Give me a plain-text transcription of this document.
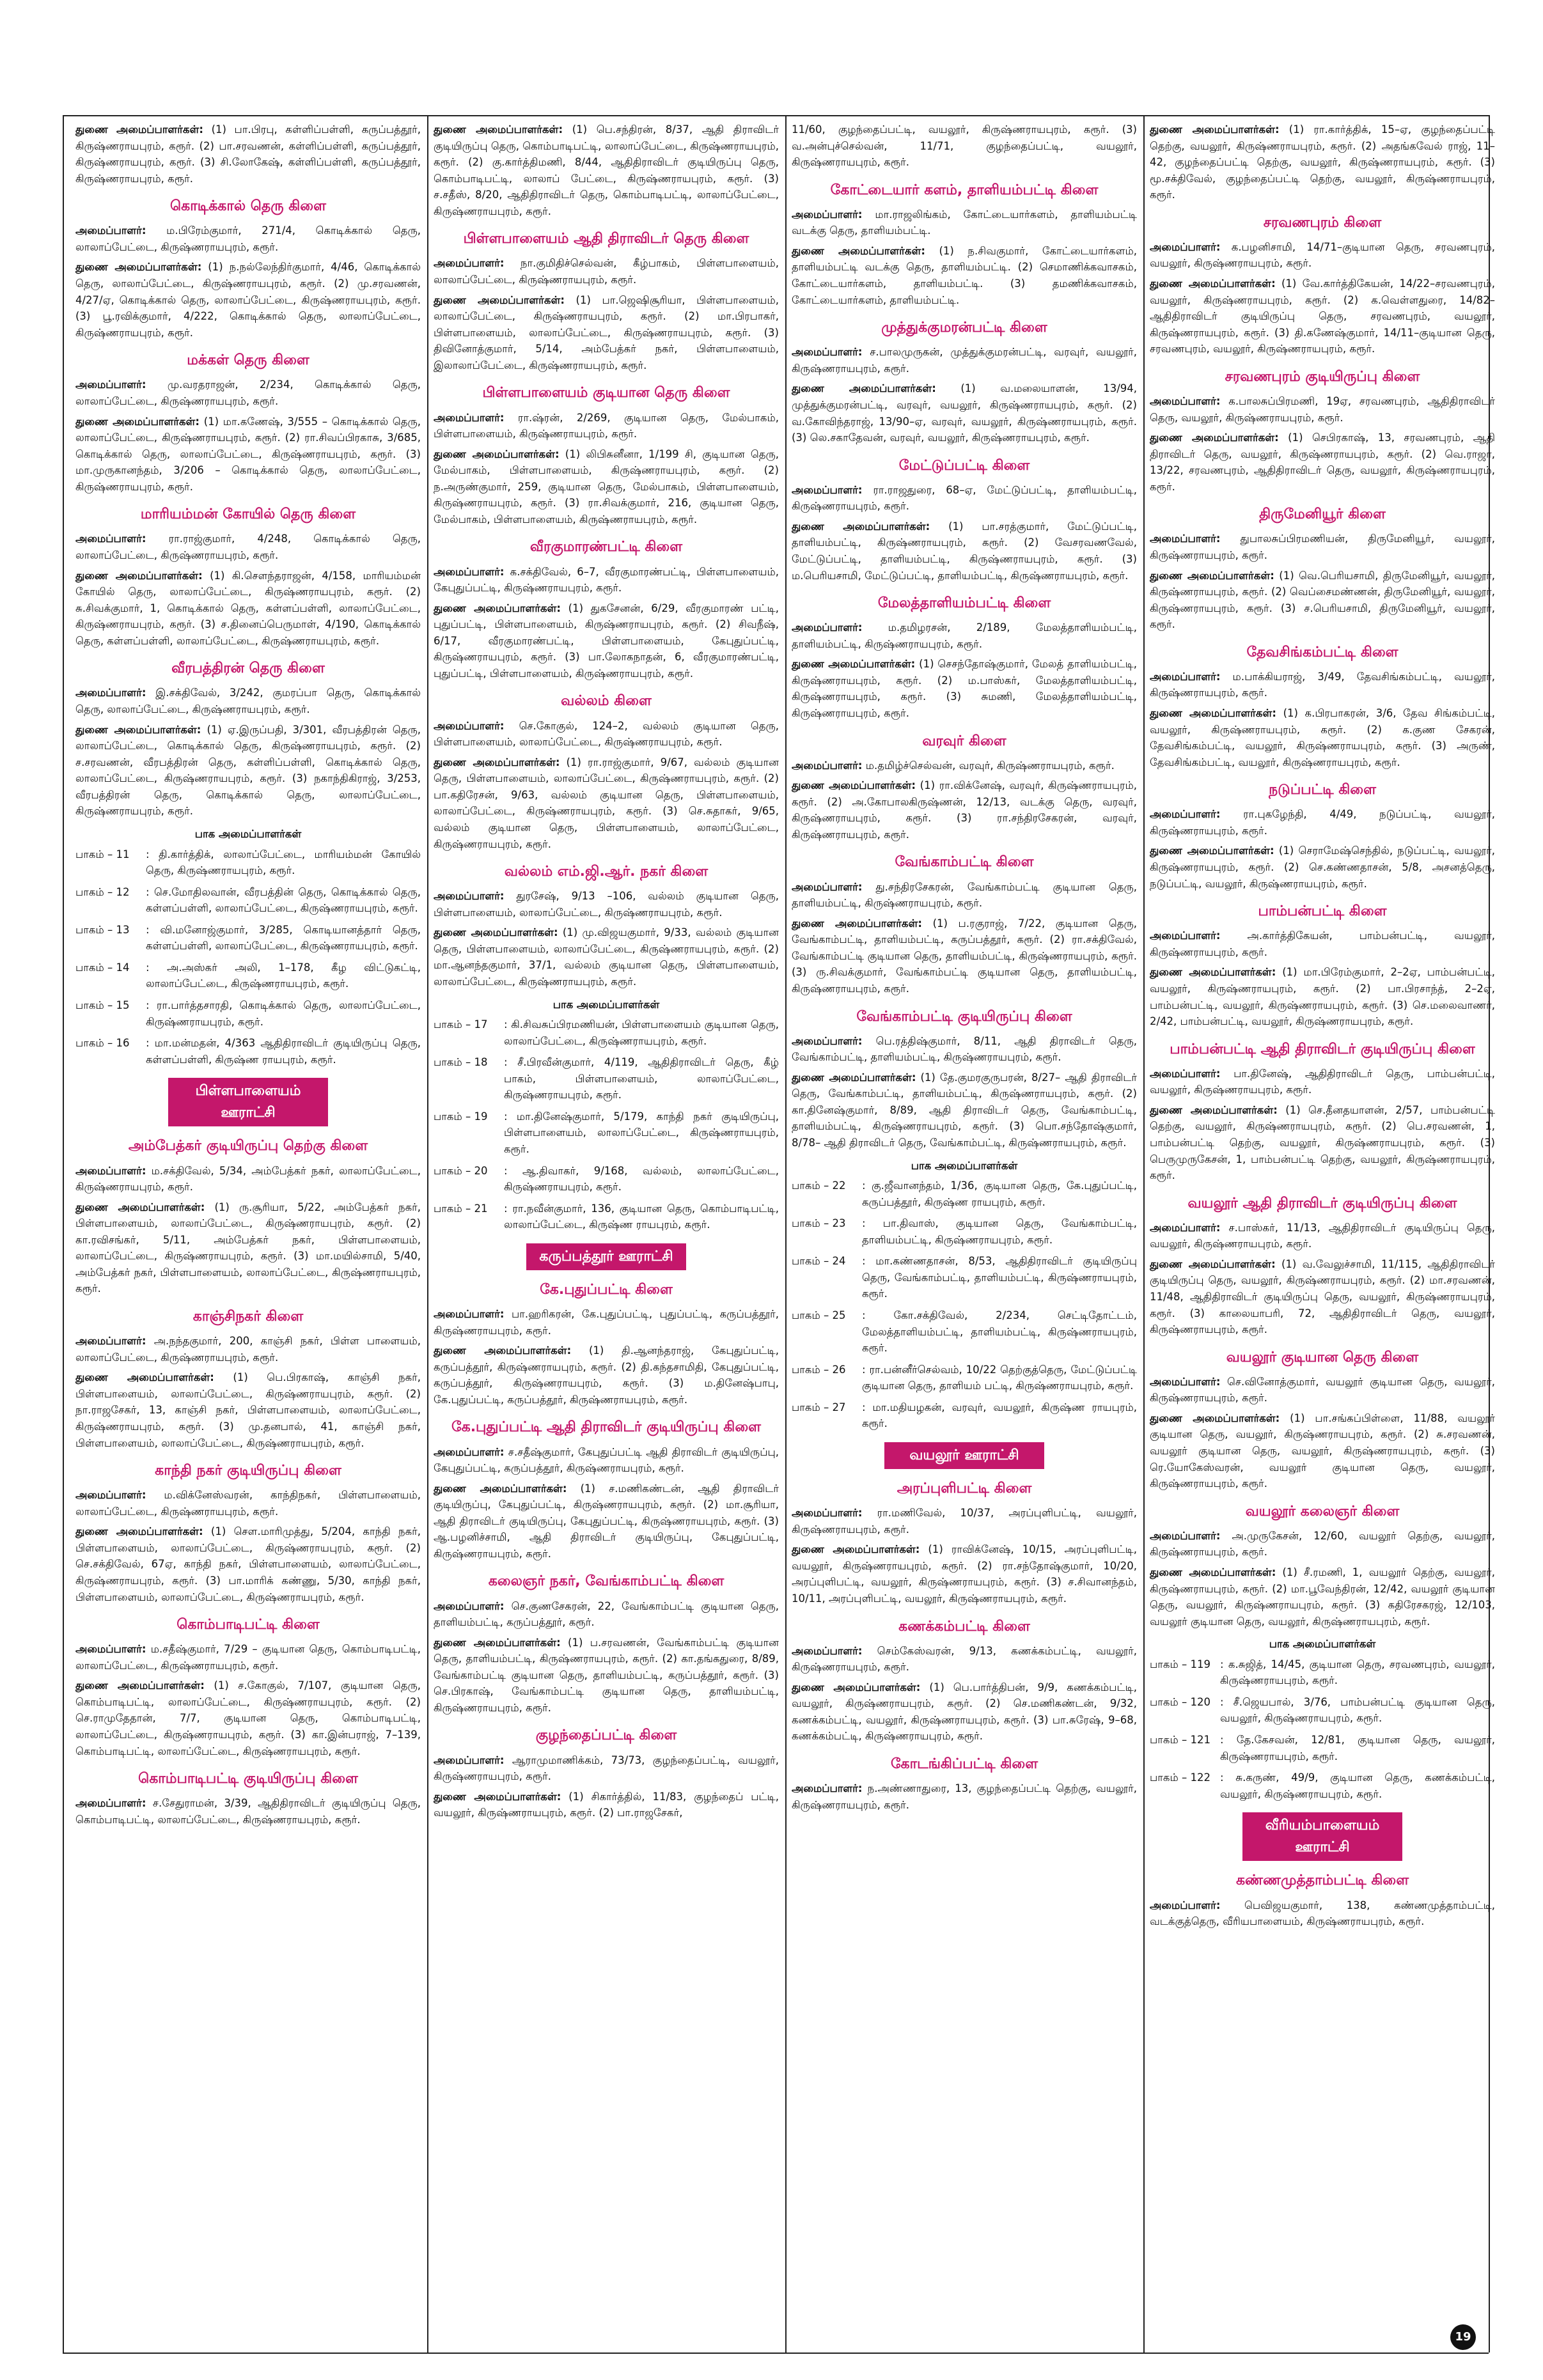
துணை அமைப்பாளர்கள்: (1) பா.பிரபு, கள்ளிப்பள்ளி, கருப்பத்தூர், கிருஷ்ணராயபுரம், கரூர். (2) பா.சரவணன், கள்ளிப்பள்ளி, கருப்பத்தூர், கிருஷ்ணராயபுரம், கரூர். (3) சி.லோகேஷ், கள்ளிப்பள்ளி, கருப்பத்தூர், கிருஷ்ணராயபுரம், கரூர்.

கொடிக்கால் தெரு கிளை

அமைப்பாளர்: ம.பிரேம்குமார், 271/4, கொடிக்கால் தெரு, லாலாப்பேட்டை, கிருஷ்ணராயபுரம், கரூர்.

துணை அமைப்பாளர்கள்: (1) ந.நல்லேந்திர்குமார், 4/46, கொடிக்கால் தெரு, லாலாப்பேட்டை, கிருஷ்ணராயபுரம், கரூர். (2) மு.சரவணன், 4/27/ஏ, கொடிக்கால் தெரு, லாலாப்பேட்டை, கிருஷ்ணராயபுரம், கரூர். (3) பூ.ரவிக்குமார், 4/222, கொடிக்கால் தெரு, லாலாப்பேட்டை, கிருஷ்ணராயபுரம், கரூர்.

மக்கள் தெரு கிளை

அமைப்பாளர்: மு.வரதராஜன், 2/234, கொடிக்கால் தெரு, லாலாப்பேட்டை, கிருஷ்ணராயபுரம், கரூர்.

துணை அமைப்பாளர்கள்: (1) மா.கணேஷ், 3/555 – கொடிக்கால் தெரு, லாலாப்பேட்டை, கிருஷ்ணராயபுரம், கரூர். (2) ரா.சிவப்பிரகாசு, 3/685, கொடிக்கால் தெரு, லாலாப்பேட்டை, கிருஷ்ணராயபுரம், கரூர். (3) மா.முருகானந்தம், 3/206 – கொடிக்கால் தெரு, லாலாப்பேட்டை, கிருஷ்ணராயபுரம், கரூர்.

மாரியம்மன் கோயில் தெரு கிளை

அமைப்பாளர்: ரா.ராஜ்குமார், 4/248, கொடிக்கால் தெரு, லாலாப்பேட்டை, கிருஷ்ணராயபுரம், கரூர்.

துணை அமைப்பாளர்கள்: (1) கி.சௌந்தராஜன், 4/158, மாரியம்மன் கோயில் தெரு, லாலாப்பேட்டை, கிருஷ்ணராயபுரம், கரூர். (2) சு.சிவக்குமார், 1, கொடிக்கால் தெரு, கள்ளப்பள்ளி, லாலாப்பேட்டை, கிருஷ்ணராயபுரம், கரூர். (3) ச.தினைப்பெருமாள், 4/190, கொடிக்கால் தெரு, கள்ளப்பள்ளி, லாலாப்பேட்டை, கிருஷ்ணராயபுரம், கரூர்.

வீரபத்திரன் தெரு கிளை

அமைப்பாளர்: இ.சக்திவேல், 3/242, குமரப்பா தெரு, கொடிக்கால் தெரு, லாலாப்பேட்டை, கிருஷ்ணராயபுரம், கரூர்.

துணை அமைப்பாளர்கள்: (1) ஏ.இருப்பதி, 3/301, வீரபத்திரன் தெரு, லாலாப்பேட்டை, கொடிக்கால் தெரு, கிருஷ்ணராயபுரம், கரூர். (2) ச.சரவணன், வீரபத்திரன் தெரு, கள்ளிப்பள்ளி, கொடிக்கால் தெரு, லாலாப்பேட்டை, கிருஷ்ணராயபுரம், கரூர். (3) நகாந்திகிராஜ், 3/253, வீரபத்திரன் தெரு, கொடிக்கால் தெரு, லாலாப்பேட்டை, கிருஷ்ணராயபுரம், கரூர்.

பாக அமைப்பாளர்கள்
பாகம் – 11	: தி.கார்த்திக், லாலாப்பேட்டை, மாரியம்மன் கோயில் தெரு, கிருஷ்ணராயபுரம், கரூர்.
பாகம் – 12	: செ.மோதிலவான், வீரபத்தின் தெரு, கொடிக்கால் தெரு, கள்ளப்பள்ளி, லாலாப்பேட்டை, கிருஷ்ணராயபுரம், கரூர்.
பாகம் – 13	: வி.மனோஜ்குமார், 3/285, கொடியானத்தார் தெரு, கள்ளப்பள்ளி, லாலாப்பேட்டை, கிருஷ்ணராயபுரம், கரூர்.
பாகம் – 14	: அ.அஸ்கர் அலி, 1–178, கீழ விட்டுகட்டி, லாலாப்பேட்டை, கிருஷ்ணராயபுரம், கரூர்.
பாகம் – 15	: ரா.பார்த்தசாரதி, கொடிக்கால் தெரு, லாலாப்பேட்டை, கிருஷ்ணராயபுரம், கரூர்.
பாகம் – 16	: மா.மன்மதன், 4/363 ஆதிதிராவிடர் குடியிருப்பு தெரு, கள்ளப்பள்ளி, கிருஷ்ண ராயபுரம், கரூர்.
பிள்ளபாளையம் ஊராட்சி
அம்பேத்கர் குடியிருப்பு தெற்கு கிளை

அமைப்பாளர்: ம.சக்திவேல், 5/34, அம்பேத்கர் நகர், லாலாப்பேட்டை, கிருஷ்ணராயபுரம், கரூர்.

துணை அமைப்பாளர்கள்: (1) ரு.சூரியா, 5/22, அம்பேத்கர் நகர், பிள்ளபாளையம், லாலாப்பேட்டை, கிருஷ்ணராயபுரம், கரூர். (2) கா.ரவிசங்கர், 5/11, அம்பேத்கர் நகர், பிள்ளபாளையம், லாலாப்பேட்டை, கிருஷ்ணராயபுரம், கரூர். (3) மா.மயில்சாமி, 5/40, அம்பேத்கர் நகர், பிள்ளபாளையம், லாலாப்பேட்டை, கிருஷ்ணராயபுரம், கரூர்.

காஞ்சிநகர் கிளை

அமைப்பாளர்: அ.நந்தகுமார், 200, காஞ்சி நகர், பிள்ள பாளையம், லாலாப்பேட்டை, கிருஷ்ணராயபுரம், கரூர்.

துணை அமைப்பாளர்கள்: (1) பெ.பிரகாஷ், காஞ்சி நகர், பிள்ளபாளையம், லாலாப்பேட்டை, கிருஷ்ணராயபுரம், கரூர். (2) நா.ராஜசேகர், 13, காஞ்சி நகர், பிள்ளபாளையம், லாலாப்பேட்டை, கிருஷ்ணராயபுரம், கரூர். (3) மு.தனபால், 41, காஞ்சி நகர், பிள்ளபாளையம், லாலாப்பேட்டை, கிருஷ்ணராயபுரம், கரூர்.

காந்தி நகர் குடியிருப்பு கிளை

அமைப்பாளர்: ம.விக்னேஸ்வரன், காந்திநகர், பிள்ளபாளையம், லாலாப்பேட்டை, கிருஷ்ணராயபுரம், கரூர்.

துணை அமைப்பாளர்கள்: (1) சௌ.மாரிமுத்து, 5/204, காந்தி நகர், பிள்ளபாளையம், லாலாப்பேட்டை, கிருஷ்ணராயபுரம், கரூர். (2) செ.சக்திவேல், 67ஏ, காந்தி நகர், பிள்ளபாளையம், லாலாப்பேட்டை, கிருஷ்ணராயபுரம், கரூர். (3) பா.மாரிக் கண்ணு, 5/30, காந்தி நகர், பிள்ளபாளையம், லாலாப்பேட்டை, கிருஷ்ணராயபுரம், கரூர்.

கொம்பாடிபட்டி கிளை

அமைப்பாளர்: ம.சதீஷ்குமார், 7/29 – குடியான தெரு, கொம்பாடிபட்டி, லாலாப்பேட்டை, கிருஷ்ணராயபுரம், கரூர்.

துணை அமைப்பாளர்கள்: (1) ச.கோகுல், 7/107, குடியான தெரு, கொம்பாடிபட்டி, லாலாப்பேட்டை, கிருஷ்ணராயபுரம், கரூர். (2) செ.ராமுதேதான், 7/7, குடியான தெரு, கொம்பாடிபட்டி, லாலாப்பேட்டை, கிருஷ்ணராயபுரம், கரூர். (3) கா.இன்பராஜ், 7–139, கொம்பாடிபட்டி, லாலாப்பேட்டை, கிருஷ்ணராயபுரம், கரூர்.

கொம்பாடிபட்டி குடியிருப்பு கிளை

அமைப்பாளர்: ச.சேதுராமன், 3/39, ஆதிதிராவிடர் குடியிருப்பு தெரு, கொம்பாடிபட்டி, லாலாப்பேட்டை, கிருஷ்ணராயபுரம், கரூர்.

துணை அமைப்பாளர்கள்: (1) பெ.சந்திரன், 8/37, ஆதி திராவிடர் குடியிருப்பு தெரு, கொம்பாடிபட்டி, லாலாப்பேட்டை, கிருஷ்ணராயபுரம், கரூர். (2) கு.கார்த்திமணி, 8/44, ஆதிதிராவிடர் குடியிருப்பு தெரு, கொம்பாடிபட்டி, லாலாப் பேட்டை, கிருஷ்ணராயபுரம், கரூர். (3) ச.சதீஸ், 8/20, ஆதிதிராவிடர் தெரு, கொம்பாடிபட்டி, லாலாப்பேட்டை, கிருஷ்ணராயபுரம், கரூர்.

பிள்ளபாளையம் ஆதி திராவிடர் தெரு கிளை

அமைப்பாளர்: நா.குமிதிச்செல்வன், கீழ்பாகம், பிள்ளபாளையம், லாலாப்பேட்டை, கிருஷ்ணராயபுரம், கரூர்.

துணை அமைப்பாளர்கள்: (1) பா.ஜெஷிசூரியா, பிள்ளபாளையம், லாலாப்பேட்டை, கிருஷ்ணராயபுரம், கரூர். (2) மா.பிரபாகர், பிள்ளபாளையம், லாலாப்பேட்டை, கிருஷ்ணராயபுரம், கரூர். (3) திவினோத்குமார், 5/14, அம்பேத்கர் நகர், பிள்ளபாளையம், இலாலாப்பேட்டை, கிருஷ்ணராயபுரம், கரூர்.

பிள்ளபாளையம் குடியான தெரு கிளை

அமைப்பாளர்: ரா.ஷ்ரன், 2/269, குடியான தெரு, மேல்பாகம், பிள்ளபாளையம், கிருஷ்ணராயபுரம், கரூர்.

துணை அமைப்பாளர்கள்: (1) லிபிசுனீனா, 1/199 சி, குடியான தெரு, மேல்பாகம், பிள்ளபாளையம், கிருஷ்ணராயபுரம், கரூர். (2) ந.அருண்குமார், 259, குடியான தெரு, மேல்பாகம், பிள்ளபாளையம், கிருஷ்ணராயபுரம், கரூர். (3) ரா.சிவக்குமார், 216, குடியான தெரு, மேல்பாகம், பிள்ளபாளையம், கிருஷ்ணராயபுரம், கரூர்.

வீரகுமாரண்பட்டி கிளை

அமைப்பாளர்: க.சக்திவேல், 6–7, வீரகுமாரண்பட்டி, பிள்ளபாளையம், கேபுதுப்பட்டி, கிருஷ்ணராயபுரம், கரூர்.

துணை அமைப்பாளர்கள்: (1) துகசேனன், 6/29, வீரகுமாரண் பட்டி, புதுப்பட்டி, பிள்ளபாளையம், கிருஷ்ணராயபுரம், கரூர். (2) சிவநீஷ், 6/17, வீரகுமாரண்பட்டி, பிள்ளபாளையம், கேபுதுப்பட்டி, கிருஷ்ணராயபுரம், கரூர். (3) பா.லோகநாதன், 6, வீரகுமாரண்பட்டி, புதுப்பட்டி, பிள்ளபாளையம், கிருஷ்ணராயபுரம், கரூர்.

வல்லம் கிளை

அமைப்பாளர்: செ.கோகுல், 124–2, வல்லம் குடியான தெரு, பிள்ளபாளையம், லாலாப்பேட்டை, கிருஷ்ணராயபுரம், கரூர்.

துணை அமைப்பாளர்கள்: (1) ரா.ராஜ்குமார், 9/67, வல்லம் குடியான தெரு, பிள்ளபாளையம், லாலாப்பேட்டை, கிருஷ்ணராயபுரம், கரூர். (2) பா.கதிரேசன், 9/63, வல்லம் குடியான தெரு, பிள்ளபாளையம், லாலாப்பேட்டை, கிருஷ்ணராயபுரம், கரூர். (3) செ.சுதாகர், 9/65, வல்லம் குடியான தெரு, பிள்ளபாளையம், லாலாப்பேட்டை, கிருஷ்ணராயபுரம், கரூர்.

வல்லம் எம்.ஜி.ஆர். நகர் கிளை

அமைப்பாளர்: துரசேஷ், 9/13 –106, வல்லம் குடியான தெரு, பிள்ளபாளையம், லாலாப்பேட்டை, கிருஷ்ணராயபுரம், கரூர்.

துணை அமைப்பாளர்கள்: (1) மு.விஜயகுமார், 9/33, வல்லம் குடியான தெரு, பிள்ளபாளையம், லாலாப்பேட்டை, கிருஷ்ணராயபுரம், கரூர். (2) மா.ஆனந்தகுமார், 37/1, வல்லம் குடியான தெரு, பிள்ளபாளையம், லாலாப்பேட்டை, கிருஷ்ணராயபுரம், கரூர்.

பாக அமைப்பாளர்கள்
பாகம் – 17	: கி.சிவசுப்பிரமணியன், பிள்ளபாளையம் குடியான தெரு, லாலாப்பேட்டை, கிருஷ்ணராயபுரம், கரூர்.
பாகம் – 18	: சீ.பிரவீன்குமார், 4/119, ஆதிதிராவிடர் தெரு, கீழ் பாகம், பிள்ளபாளையம், லாலாப்பேட்டை, கிருஷ்ணராயபுரம், கரூர்.
பாகம் – 19	: மா.தினேஷ்குமார், 5/179, காந்தி நகர் குடியிருப்பு, பிள்ளபாளையம், லாலாப்பேட்டை, கிருஷ்ணராயபுரம், கரூர்.
பாகம் – 20	: ஆ.திவாகர், 9/168, வல்லம், லாலாப்பேட்டை, கிருஷ்ணராயபுரம், கரூர்.
பாகம் – 21	: ரா.நவீன்குமார், 136, குடியான தெரு, கொம்பாடிபட்டி, லாலாப்பேட்டை, கிருஷ்ண ராயபுரம், கரூர்.
கருப்பத்தூர் ஊராட்சி
கே.புதுப்பட்டி கிளை

அமைப்பாளர்: பா.ஹரிகரன், கே.புதுப்பட்டி, புதுப்பட்டி, கருப்பத்தூர், கிருஷ்ணராயபுரம், கரூர்.

துணை அமைப்பாளர்கள்: (1) தி.ஆனந்தராஜ், கேபுதுப்பட்டி, கருப்பத்தூர், கிருஷ்ணராயபுரம், கரூர். (2) தி.கந்தசாமிதி, கேபுதுப்பட்டி, கருப்பத்தூர், கிருஷ்ணராயபுரம், கரூர். (3) ம.தினேஷ்பாபு, கே.புதுப்பட்டி, கருப்பத்தூர், கிருஷ்ணராயபுரம், கரூர்.

கே.புதுப்பட்டி ஆதி திராவிடர் குடியிருப்பு கிளை

அமைப்பாளர்: ச.சதீஷ்குமார், கேபுதுப்பட்டி ஆதி திராவிடர் குடியிருப்பு, கேபுதுப்பட்டி, கருப்பத்தூர், கிருஷ்ணராயபுரம், கரூர்.

துணை அமைப்பாளர்கள்: (1) ச.மணிகண்டன், ஆதி திராவிடர் குடியிருப்பு, கேபுதுப்பட்டி, கிருஷ்ணராயபுரம், கரூர். (2) மா.சூரியா, ஆதி திராவிடர் குடியிருப்பு, கேபுதுப்பட்டி, கிருஷ்ணராயபுரம், கரூர். (3) ஆ.பழனிச்சாமி, ஆதி திராவிடர் குடியிருப்பு, கேபுதுப்பட்டி, கிருஷ்ணராயபுரம், கரூர்.

கலைஞர் நகர், வேங்காம்பட்டி கிளை

அமைப்பாளர்: செ.குணசேகரன், 22, வேங்காம்பட்டி குடியான தெரு, தாளியம்பட்டி, கருப்பத்தூர், கரூர்.

துணை அமைப்பாளர்கள்: (1) ப.சரவணன், வேங்காம்பட்டி குடியான தெரு, தாளியம்பட்டி, கிருஷ்ணராயபுரம், கரூர். (2) கா.தங்கதுரை, 8/89, வேங்காம்பட்டி குடியான தெரு, தாளியம்பட்டி, கருப்பத்தூர், கரூர். (3) செ.பிரகாஷ், வேங்காம்பட்டி குடியான தெரு, தாளியம்பட்டி, கிருஷ்ணராயபுரம், கரூர்.

குழந்தைப்பட்டி கிளை

அமைப்பாளர்: ஆராமுமாணிக்கம், 73/73, குழந்தைப்பட்டி, வயலூர், கிருஷ்ணராயபுரம், கரூர்.

துணை அமைப்பாளர்கள்: (1) சிகார்த்தில், 11/83, குழந்தைப் பட்டி, வயலூர், கிருஷ்ணராயபுரம், கரூர். (2) பா.ராஜசேகர்,

11/60, குழந்தைப்பட்டி, வயலூர், கிருஷ்ணராயபுரம், கரூர். (3) வ.அன்புச்செல்வன், 11/71, குழந்தைப்பட்டி, வயலூர், கிருஷ்ணராயபுரம், கரூர்.

கோட்டையார் களம், தாளியம்பட்டி கிளை

அமைப்பாளர்: மா.ராஜலிங்கம், கோட்டையார்களம், தாளியம்பட்டி வடக்கு தெரு, தாளியம்பட்டி.

துணை அமைப்பாளர்கள்: (1) ந.சிவகுமார், கோட்டையார்களம், தாளியம்பட்டி வடக்கு தெரு, தாளியம்பட்டி. (2) செமாணிக்கவாசகம், கோட்டையார்களம், தாளியம்பட்டி. (3) தமணிக்கவாசகம், கோட்டையார்களம், தாளியம்பட்டி.

முத்துக்குமரன்பட்டி கிளை

அமைப்பாளர்: ச.பாலமுருகன், முத்துக்குமரன்பட்டி, வரவுர், வயலூர், கிருஷ்ணராயபுரம், கரூர்.

துணை அமைப்பாளர்கள்: (1) வ.மலையாளன், 13/94, முத்துக்குமரன்பட்டி, வரவுர், வயலூர், கிருஷ்ணராயபுரம், கரூர். (2) வ.கோவிந்தராஜ், 13/90–ஏ, வரவுர், வயலூர், கிருஷ்ணராயபுரம், கரூர். (3) லெ.சகாதேவன், வரவுர், வயலூர், கிருஷ்ணராயபுரம், கரூர்.

மேட்டுப்பட்டி கிளை

அமைப்பாளர்: ரா.ராஜதுரை, 68–ஏ, மேட்டுப்பட்டி, தாளியம்பட்டி, கிருஷ்ணராயபுரம், கரூர்.

துணை அமைப்பாளர்கள்: (1) பா.சரத்குமார், மேட்டுப்பட்டி, தாளியம்பட்டி, கிருஷ்ணராயபுரம், கரூர். (2) வேசரவணவேல், மேட்டுப்பட்டி, தாளியம்பட்டி, கிருஷ்ணராயபுரம், கரூர். (3) ம.பெரியசாமி, மேட்டுப்பட்டி, தாளியம்பட்டி, கிருஷ்ணராயபுரம், கரூர்.

மேலத்தாளியம்பட்டி கிளை

அமைப்பாளர்: ம.தமிழரசன், 2/189, மேலத்தாளியம்பட்டி, தாளியம்பட்டி, கிருஷ்ணராயபுரம், கரூர்.

துணை அமைப்பாளர்கள்: (1) செசந்தோஷ்குமார், மேலத் தாளியம்பட்டி, கிருஷ்ணராயபுரம், கரூர். (2) ம.பாஸ்கர், மேலத்தாளியம்பட்டி, கிருஷ்ணராயபுரம், கரூர். (3) சுமணி, மேலத்தாளியம்பட்டி, கிருஷ்ணராயபுரம், கரூர்.

வரவுர் கிளை

அமைப்பாளர்: ம.தமிழ்ச்செல்வன், வரவுர், கிருஷ்ணராயபுரம், கரூர்.

துணை அமைப்பாளர்கள்: (1) ரா.விக்னேஷ், வரவுர், கிருஷ்ணராயபுரம், கரூர். (2) அ.கோபாலகிருஷ்ணன், 12/13, வடக்கு தெரு, வரவுர், கிருஷ்ணராயபுரம், கரூர். (3) ரா.சந்திரசேகரன், வரவுர், கிருஷ்ணராயபுரம், கரூர்.

வேங்காம்பட்டி கிளை

அமைப்பாளர்: து.சந்திரசேகரன், வேங்காம்பட்டி குடியான தெரு, தாளியம்பட்டி, கிருஷ்ணராயபுரம், கரூர்.

துணை அமைப்பாளர்கள்: (1) ப.ரகுராஜ், 7/22, குடியான தெரு, வேங்காம்பட்டி, தாளியம்பட்டி, கருப்பத்தூர், கரூர். (2) ரா.சக்திவேல், வேங்காம்பட்டி குடியான தெரு, தாளியம்பட்டி, கிருஷ்ணராயபுரம், கரூர். (3) ரு.சிவக்குமார், வேங்காம்பட்டி குடியான தெரு, தாளியம்பட்டி, கிருஷ்ணராயபுரம், கரூர்.

வேங்காம்பட்டி குடியிருப்பு கிளை

அமைப்பாளர்: பெ.ரத்திஷ்குமார், 8/11, ஆதி திராவிடர் தெரு, வேங்காம்பட்டி, தாளியம்பட்டி, கிருஷ்ணராயபுரம், கரூர்.

துணை அமைப்பாளர்கள்: (1) தே.குமரகுருபரன், 8/27– ஆதி திராவிடர் தெரு, வேங்காம்பட்டி, தாளியம்பட்டி, கிருஷ்ணராயபுரம், கரூர். (2) கா.தினேஷ்குமார், 8/89, ஆதி திராவிடர் தெரு, வேங்காம்பட்டி, தாளியம்பட்டி, கிருஷ்ணராயபுரம், கரூர். (3) பொ.சந்தோஷ்குமார், 8/78– ஆதி திராவிடர் தெரு, வேங்காம்பட்டி, கிருஷ்ணராயபுரம், கரூர்.

பாக அமைப்பாளர்கள்
பாகம் – 22	: கு.ஜீவானந்தம், 1/36, குடியான தெரு, கே.புதுப்பட்டி, கருப்பத்தூர், கிருஷ்ண ராயபுரம், கரூர்.
பாகம் – 23	: பா.திவாஸ், குடியான தெரு, வேங்காம்பட்டி, தாளியம்பட்டி, கிருஷ்ணராயபுரம், கரூர்.
பாகம் – 24	: மா.கண்ணதாசன், 8/53, ஆதிதிராவிடர் குடியிருப்பு தெரு, வேங்காம்பட்டி, தாளியம்பட்டி, கிருஷ்ணராயபுரம், கரூர்.
பாகம் – 25	: கோ.சக்திவேல், 2/234, செட்டிதோட்டம், மேலத்தாளியம்பட்டி, தாளியம்பட்டி, கிருஷ்ணராயபுரம், கரூர்.
பாகம் – 26	: ரா.பன்னீர்செல்வம், 10/22 தெற்குத்தெரு, மேட்டுப்பட்டி குடியான தெரு, தாளியம் பட்டி, கிருஷ்ணராயபுரம், கரூர்.
பாகம் – 27	: மா.மதியழகன், வரவுர், வயலூர், கிருஷ்ண ராயபுரம், கரூர்.
வயலூர் ஊராட்சி
அரப்புளிபட்டி கிளை

அமைப்பாளர்: ரா.மணிவேல், 10/37, அரப்புளிபட்டி, வயலூர், கிருஷ்ணராயபுரம், கரூர்.

துணை அமைப்பாளர்கள்: (1) ராவிக்னேஷ், 10/15, அரப்புளிபட்டி, வயலூர், கிருஷ்ணராயபுரம், கரூர். (2) ரா.சந்தோஷ்குமார், 10/20, அரப்புளிபட்டி, வயலூர், கிருஷ்ணராயபுரம், கரூர். (3) ச.சிவானந்தம், 10/11, அரப்புளிபட்டி, வயலூர், கிருஷ்ணராயபுரம், கரூர்.

கணக்கம்பட்டி கிளை

அமைப்பாளர்: செம்கேஸ்வரன், 9/13, கணக்கம்பட்டி, வயலூர், கிருஷ்ணராயபுரம், கரூர்.

துணை அமைப்பாளர்கள்: (1) பெ.பார்த்திபன், 9/9, கணக்கம்பட்டி, வயலூர், கிருஷ்ணராயபுரம், கரூர். (2) செ.மணிகண்டன், 9/32, கணக்கம்பட்டி, வயலூர், கிருஷ்ணராயபுரம், கரூர். (3) பா.சுரேஷ், 9–68, கணக்கம்பட்டி, கிருஷ்ணராயபுரம், கரூர்.

கோடங்கிப்பட்டி கிளை

அமைப்பாளர்: ந.அண்ணாதுரை, 13, குழந்தைப்பட்டி தெற்கு, வயலூர், கிருஷ்ணராயபுரம், கரூர்.

துணை அமைப்பாளர்கள்: (1) ரா.கார்த்திக், 15–ஏ, குழந்தைப்பட்டி தெற்கு, வயலூர், கிருஷ்ணராயபுரம், கரூர். (2) அதங்கவேல் ராஜ், 11–42, குழந்தைப்பட்டி தெற்கு, வயலூர், கிருஷ்ணராயபுரம், கரூர். (3) மூ.சக்திவேல், குழந்தைப்பட்டி தெற்கு, வயலூர், கிருஷ்ணராயபுரம், கரூர்.

சரவணபுரம் கிளை

அமைப்பாளர்: க.பழனிசாமி, 14/71–குடியான தெரு, சரவணபுரம், வயலூர், கிருஷ்ணராயபுரம், கரூர்.

துணை அமைப்பாளர்கள்: (1) வே.கார்த்திகேயன், 14/22–சரவணபுரம், வயலூர், கிருஷ்ணராயபுரம், கரூர். (2) க.வெள்ளதுரை, 14/82–ஆதிதிராவிடர் குடியிருப்பு தெரு, சரவணபுரம், வயலூர், கிருஷ்ணராயபுரம், கரூர். (3) தி.கணேஷ்குமார், 14/11–குடியான தெரு, சரவணபுரம், வயலூர், கிருஷ்ணராயபுரம், கரூர்.

சரவணபுரம் குடியிருப்பு கிளை

அமைப்பாளர்: க.பாலசுப்பிரமணி, 19ஏ, சரவணபுரம், ஆதிதிராவிடர் தெரு, வயலூர், கிருஷ்ணராயபுரம், கரூர்.

துணை அமைப்பாளர்கள்: (1) செபிரகாஷ், 13, சரவணபுரம், ஆதி திராவிடர் தெரு, வயலூர், கிருஷ்ணராயபுரம், கரூர். (2) வெ.ராஜா, 13/22, சரவணபுரம், ஆதிதிராவிடர் தெரு, வயலூர், கிருஷ்ணராயபுரம், கரூர்.

திருமேனியூர் கிளை

அமைப்பாளர்: துபாலசுப்பிரமணியன், திருமேனியூர், வயலூர், கிருஷ்ணராயபுரம், கரூர்.

துணை அமைப்பாளர்கள்: (1) வெ.பெரியசாமி, திருமேனியூர், வயலூர், கிருஷ்ணராயபுரம், கரூர். (2) வெப்சைமண்ணன், திருமேனியூர், வயலூர், கிருஷ்ணராயபுரம், கரூர். (3) ச.பெரியசாமி, திருமேனியூர், வயலூர், கரூர்.

தேவசிங்கம்பட்டி கிளை

அமைப்பாளர்: ம.பாக்கியராஜ், 3/49, தேவசிங்கம்பட்டி, வயலூர், கிருஷ்ணராயபுரம், கரூர்.

துணை அமைப்பாளர்கள்: (1) க.பிரபாகரன், 3/6, தேவ சிங்கம்பட்டி, வயலூர், கிருஷ்ணராயபுரம், கரூர். (2) க.குண சேகரன், தேவசிங்கம்பட்டி, வயலூர், கிருஷ்ணராயபுரம், கரூர். (3) அருண், தேவசிங்கம்பட்டி, வயலூர், கிருஷ்ணராயபுரம், கரூர்.

நடுப்பட்டி கிளை

அமைப்பாளர்: ரா.புகழேந்தி, 4/49, நடுப்பட்டி, வயலூர், கிருஷ்ணராயபுரம், கரூர்.

துணை அமைப்பாளர்கள்: (1) செராமேஷ்செந்தில், நடுப்பட்டி, வயலூர், கிருஷ்ணராயபுரம், கரூர். (2) செ.கண்ணதாசன், 5/8, அசனத்தெரு, நடுப்பட்டி, வயலூர், கிருஷ்ணராயபுரம், கரூர்.

பாம்பன்பட்டி கிளை

அமைப்பாளர்: அ.கார்த்திகேயன், பாம்பன்பட்டி, வயலூர், கிருஷ்ணராயபுரம், கரூர்.

துணை அமைப்பாளர்கள்: (1) மா.பிரேம்குமார், 2–2ஏ, பாம்பன்பட்டி, வயலூர், கிருஷ்ணராயபுரம், கரூர். (2) பா.பிரசாந்த், 2–2ஏ, பாம்பன்பட்டி, வயலூர், கிருஷ்ணராயபுரம், கரூர். (3) செ.மலைவாணர், 2/42, பாம்பன்பட்டி, வயலூர், கிருஷ்ணராயபுரம், கரூர்.

பாம்பன்பட்டி ஆதி திராவிடர் குடியிருப்பு கிளை

அமைப்பாளர்: பா.தினேஷ், ஆதிதிராவிடர் தெரு, பாம்பன்பட்டி, வயலூர், கிருஷ்ணராயபுரம், கரூர்.

துணை அமைப்பாளர்கள்: (1) செ.தீனதயாளன், 2/57, பாம்பன்பட்டி தெற்கு, வயலூர், கிருஷ்ணராயபுரம், கரூர். (2) பெ.சரவணன், 1, பாம்பன்பட்டி தெற்கு, வயலூர், கிருஷ்ணராயபுரம், கரூர். (3) பெருமுருகேசன், 1, பாம்பன்பட்டி தெற்கு, வயலூர், கிருஷ்ணராயபுரம், கரூர்.

வயலூர் ஆதி திராவிடர் குடியிருப்பு கிளை

அமைப்பாளர்: ச.பாஸ்கர், 11/13, ஆதிதிராவிடர் குடியிருப்பு தெரு, வயலூர், கிருஷ்ணராயபுரம், கரூர்.

துணை அமைப்பாளர்கள்: (1) வ.வேலுச்சாமி, 11/115, ஆதிதிராவிடர் குடியிருப்பு தெரு, வயலூர், கிருஷ்ணராயபுரம், கரூர். (2) மா.சரவணன், 11/48, ஆதிதிராவிடர் குடியிருப்பு தெரு, வயலூர், கிருஷ்ணராயபுரம், கரூர். (3) காலையாபரி, 72, ஆதிதிராவிடர் தெரு, வயலூர், கிருஷ்ணராயபுரம், கரூர்.

வயலூர் குடியான தெரு கிளை

அமைப்பாளர்: செ.வினோத்குமார், வயலூர் குடியான தெரு, வயலூர், கிருஷ்ணராயபுரம், கரூர்.

துணை அமைப்பாளர்கள்: (1) பா.சங்கப்பிள்ளை, 11/88, வயலூர் குடியான தெரு, வயலூர், கிருஷ்ணராயபுரம், கரூர். (2) சு.சரவணன், வயலூர் குடியான தெரு, வயலூர், கிருஷ்ணராயபுரம், கரூர். (3) ரெ.யோகேஸ்வரன், வயலூர் குடியான தெரு, வயலூர், கிருஷ்ணராயபுரம், கரூர்.

வயலூர் கலைஞர் கிளை

அமைப்பாளர்: அ.முருகேசன், 12/60, வயலூர் தெற்கு, வயலூர், கிருஷ்ணராயபுரம், கரூர்.

துணை அமைப்பாளர்கள்: (1) சீ.ரமணி, 1, வயலூர் தெற்கு, வயலூர், கிருஷ்ணராயபுரம், கரூர். (2) மா.பூவேந்திரன், 12/42, வயலூர் குடியான தெரு, வயலூர், கிருஷ்ணராயபுரம், கரூர். (3) கதிரேசகரஜ், 12/103, வயலூர் குடியான தெரு, வயலூர், கிருஷ்ணராயபுரம், கரூர்.

பாக அமைப்பாளர்கள்
பாகம் – 119 : க.சுஜித், 14/45, குடியான தெரு, சரவணபுரம், வயலூர், கிருஷ்ணராயபுரம், கரூர்.
பாகம் – 120 : சீ.ஜெயபால், 3/76, பாம்பன்பட்டி குடியான தெரு, வயலூர், கிருஷ்ணராயபுரம், கரூர்.
பாகம் – 121 : தே.கேசவன், 12/81, குடியான தெரு, வயலூர், கிருஷ்ணராயபுரம், கரூர்.
பாகம் – 122 : சு.கருண், 49/9, குடியான தெரு, கணக்கம்பட்டி, வயலூர், கிருஷ்ணராயபுரம், கரூர்.
வீரியம்பாளையம் ஊராட்சி
கண்ணமுத்தாம்பட்டி கிளை

அமைப்பாளர்: பெவிஜயகுமார், 138, கண்ணமுத்தாம்பட்டி, வடக்குத்தெரு, வீரியபாளையம், கிருஷ்ணராயபுரம், கரூர்.

19
